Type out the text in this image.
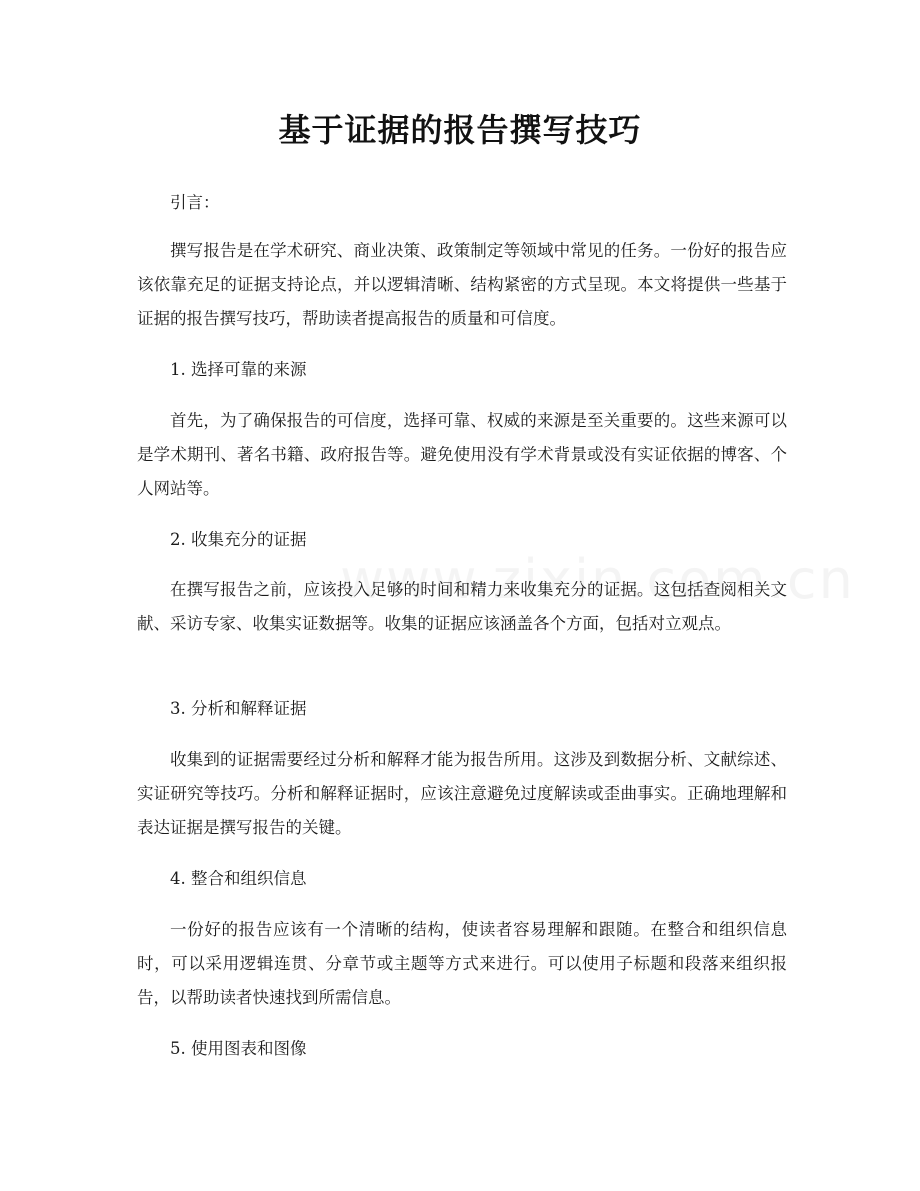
基于证据的报告撰写技巧
引言：
撰写报告是在学术研究、商业决策、政策制定等领域中常见的任务。一份好的报告应该依靠充足的证据支持论点，并以逻辑清晰、结构紧密的方式呈现。本文将提供一些基于证据的报告撰写技巧，帮助读者提高报告的质量和可信度。
1. 选择可靠的来源
首先，为了确保报告的可信度，选择可靠、权威的来源是至关重要的。这些来源可以是学术期刊、著名书籍、政府报告等。避免使用没有学术背景或没有实证依据的博客、个人网站等。
2. 收集充分的证据
在撰写报告之前，应该投入足够的时间和精力来收集充分的证据。这包括查阅相关文献、采访专家、收集实证数据等。收集的证据应该涵盖各个方面，包括对立观点。
3. 分析和解释证据
收集到的证据需要经过分析和解释才能为报告所用。这涉及到数据分析、文献综述、实证研究等技巧。分析和解释证据时，应该注意避免过度解读或歪曲事实。正确地理解和表达证据是撰写报告的关键。
4. 整合和组织信息
一份好的报告应该有一个清晰的结构，使读者容易理解和跟随。在整合和组织信息时，可以采用逻辑连贯、分章节或主题等方式来进行。可以使用子标题和段落来组织报告，以帮助读者快速找到所需信息。
5. 使用图表和图像
